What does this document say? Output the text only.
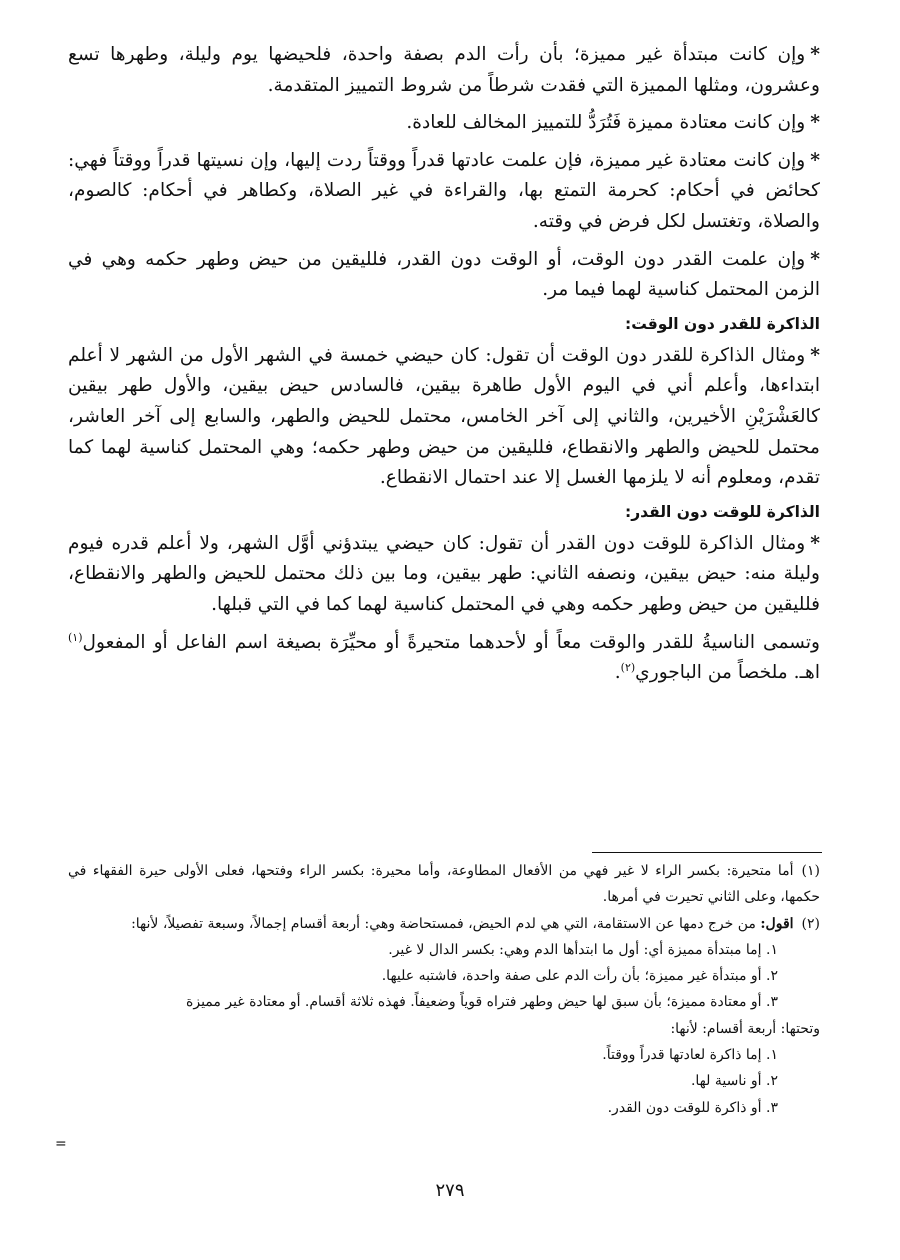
*وإن كانت مبتدأة غير مميزة؛ بأن رأت الدم بصفة واحدة، فلحيضها يوم وليلة، وطهرها تسع وعشرون، ومثلها المميزة التي فقدت شرطاً من شروط التمييز المتقدمة.

*وإن كانت معتادة مميزة فَتُرَدُّ للتمييز المخالف للعادة.

*وإن كانت معتادة غير مميزة، فإن علمت عادتها قدراً ووقتاً ردت إليها، وإن نسيتها قدراً ووقتاً فهي: كحائض في أحكام: كحرمة التمتع بها، والقراءة في غير الصلاة، وكطاهر في أحكام: كالصوم، والصلاة، وتغتسل لكل فرض في وقته.

*وإن علمت القدر دون الوقت، أو الوقت دون القدر، فلليقين من حيض وطهر حكمه وهي في الزمن المحتمل كناسية لهما فيما مر.

الذاكرة للقدر دون الوقت:

*ومثال الذاكرة للقدر دون الوقت أن تقول: كان حيضي خمسة في الشهر الأول من الشهر لا أعلم ابتداءها، وأعلم أني في اليوم الأول طاهرة بيقين، فالسادس حيض بيقين، والأول طهر بيقين كالعَشْرَيْنِ الأخيرين، والثاني إلى آخر الخامس، محتمل للحيض والطهر، والسابع إلى آخر العاشر، محتمل للحيض والطهر والانقطاع، فلليقين من حيض وطهر حكمه؛ وهي المحتمل كناسية لهما كما تقدم، ومعلوم أنه لا يلزمها الغسل إلا عند احتمال الانقطاع.

الذاكرة للوقت دون القدر:

*ومثال الذاكرة للوقت دون القدر أن تقول: كان حيضي يبتدؤني أوَّل الشهر، ولا أعلم قدره فيوم وليلة منه: حيض بيقين، ونصفه الثاني: طهر بيقين، وما بين ذلك محتمل للحيض والطهر والانقطاع، فلليقين من حيض وطهر حكمه وهي في المحتمل كناسية لهما كما في التي قبلها.

وتسمى الناسيةُ للقدر والوقت معاً أو لأحدهما متحيرةً أو محيِّرَة بصيغة اسم الفاعل أو المفعول$^{(١)}$ اهـ. ملخصاً من الباجوري$^{(٢)}$.

(١)أما متحيرة: بكسر الراء لا غير فهي من الأفعال المطاوعة، وأما محيرة: بكسر الراء وفتحها، فعلى الأولى حيرة الفقهاء في حكمها، وعلى الثاني تحيرت في أمرها.

(٢)اقول: من خرج دمها عن الاستقامة، التي هي لدم الحيض، فمستحاضة وهي: أربعة أقسام إجمالاً، وسبعة تفصيلاً، لأنها:

١. إما مبتدأة مميزة أي: أول ما ابتدأها الدم وهي: بكسر الدال لا غير.

٢. أو مبتدأة غير مميزة؛ بأن رأت الدم على صفة واحدة، فاشتبه عليها.

٣. أو معتادة مميزة؛ بأن سبق لها حيض وطهر فتراه قوياً وضعيفاً. فهذه ثلاثة أقسام. أو معتادة غير مميزة

وتحتها: أربعة أقسام: لأنها:

١. إما ذاكرة لعادتها قدراً ووقتاً.

٢. أو ناسية لها.

٣. أو ذاكرة للوقت دون القدر.

=
٢٧٩
